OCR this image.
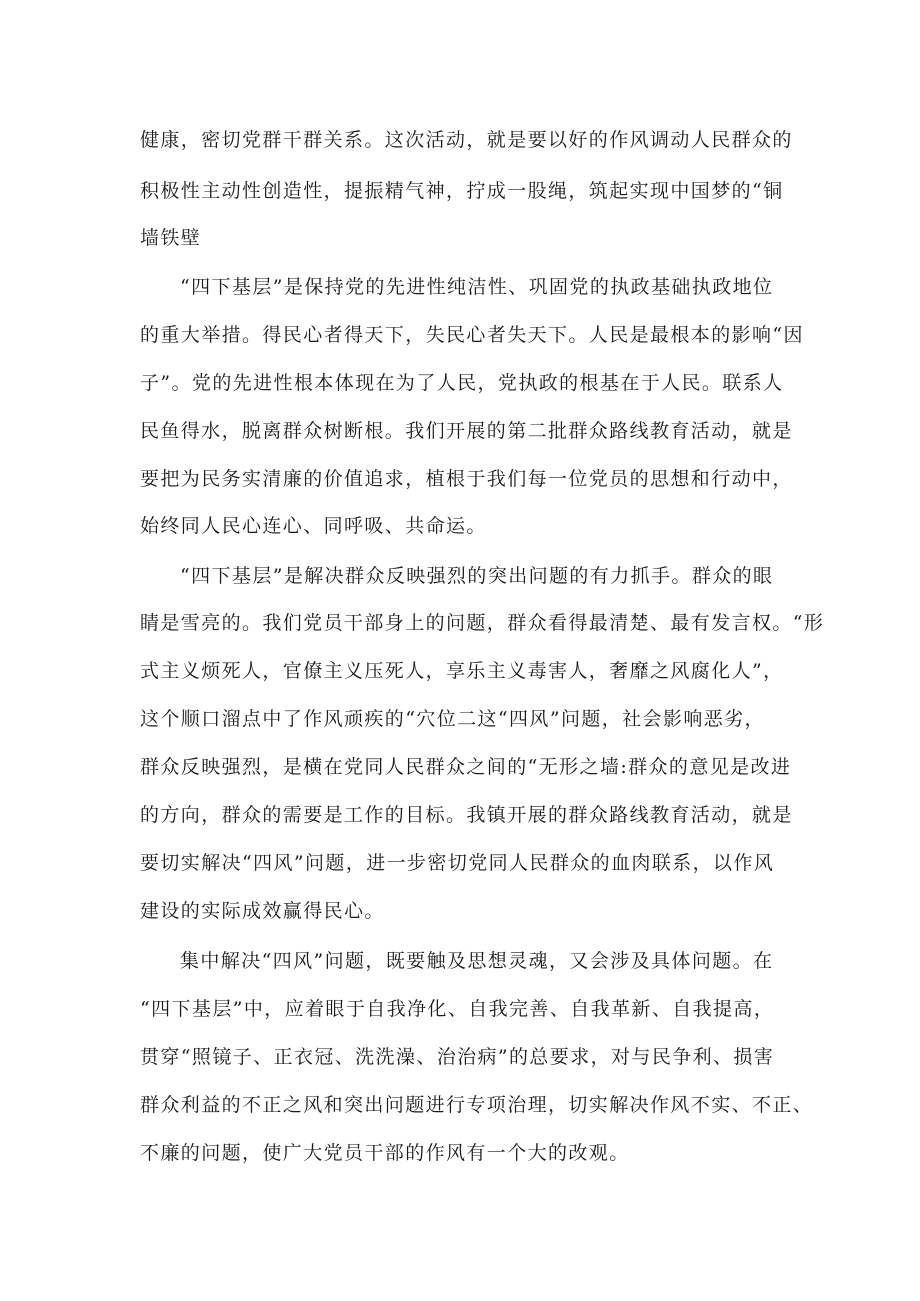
健康，密切党群干群关系。这次活动，就是要以好的作风调动人民群众的
积极性主动性创造性，提振精气神，拧成一股绳，筑起实现中国梦的“铜
墙铁壁
“四下基层”是保持党的先进性纯洁性、巩固党的执政基础执政地位
的重大举措。得民心者得天下，失民心者失天下。人民是最根本的影响“因
子”。党的先进性根本体现在为了人民，党执政的根基在于人民。联系人
民鱼得水，脱离群众树断根。我们开展的第二批群众路线教育活动，就是
要把为民务实清廉的价值追求，植根于我们每一位党员的思想和行动中，
始终同人民心连心、同呼吸、共命运。
“四下基层”是解决群众反映强烈的突出问题的有力抓手。群众的眼
睛是雪亮的。我们党员干部身上的问题，群众看得最清楚、最有发言权。“形
式主义烦死人，官僚主义压死人，享乐主义毒害人，奢靡之风腐化人”，
这个顺口溜点中了作风顽疾的“穴位二这“四风”问题，社会影响恶劣，
群众反映强烈，是横在党同人民群众之间的“无形之墙:群众的意见是改进
的方向，群众的需要是工作的目标。我镇开展的群众路线教育活动，就是
要切实解决“四风”问题，进一步密切党同人民群众的血肉联系，以作风
建设的实际成效赢得民心。
集中解决“四风”问题，既要触及思想灵魂，又会涉及具体问题。在
“四下基层”中，应着眼于自我净化、自我完善、自我革新、自我提高，
贯穿“照镜子、正衣冠、洗洗澡、治治病”的总要求，对与民争利、损害
群众利益的不正之风和突出问题进行专项治理，切实解决作风不实、不正、
不廉的问题，使广大党员干部的作风有一个大的改观。
